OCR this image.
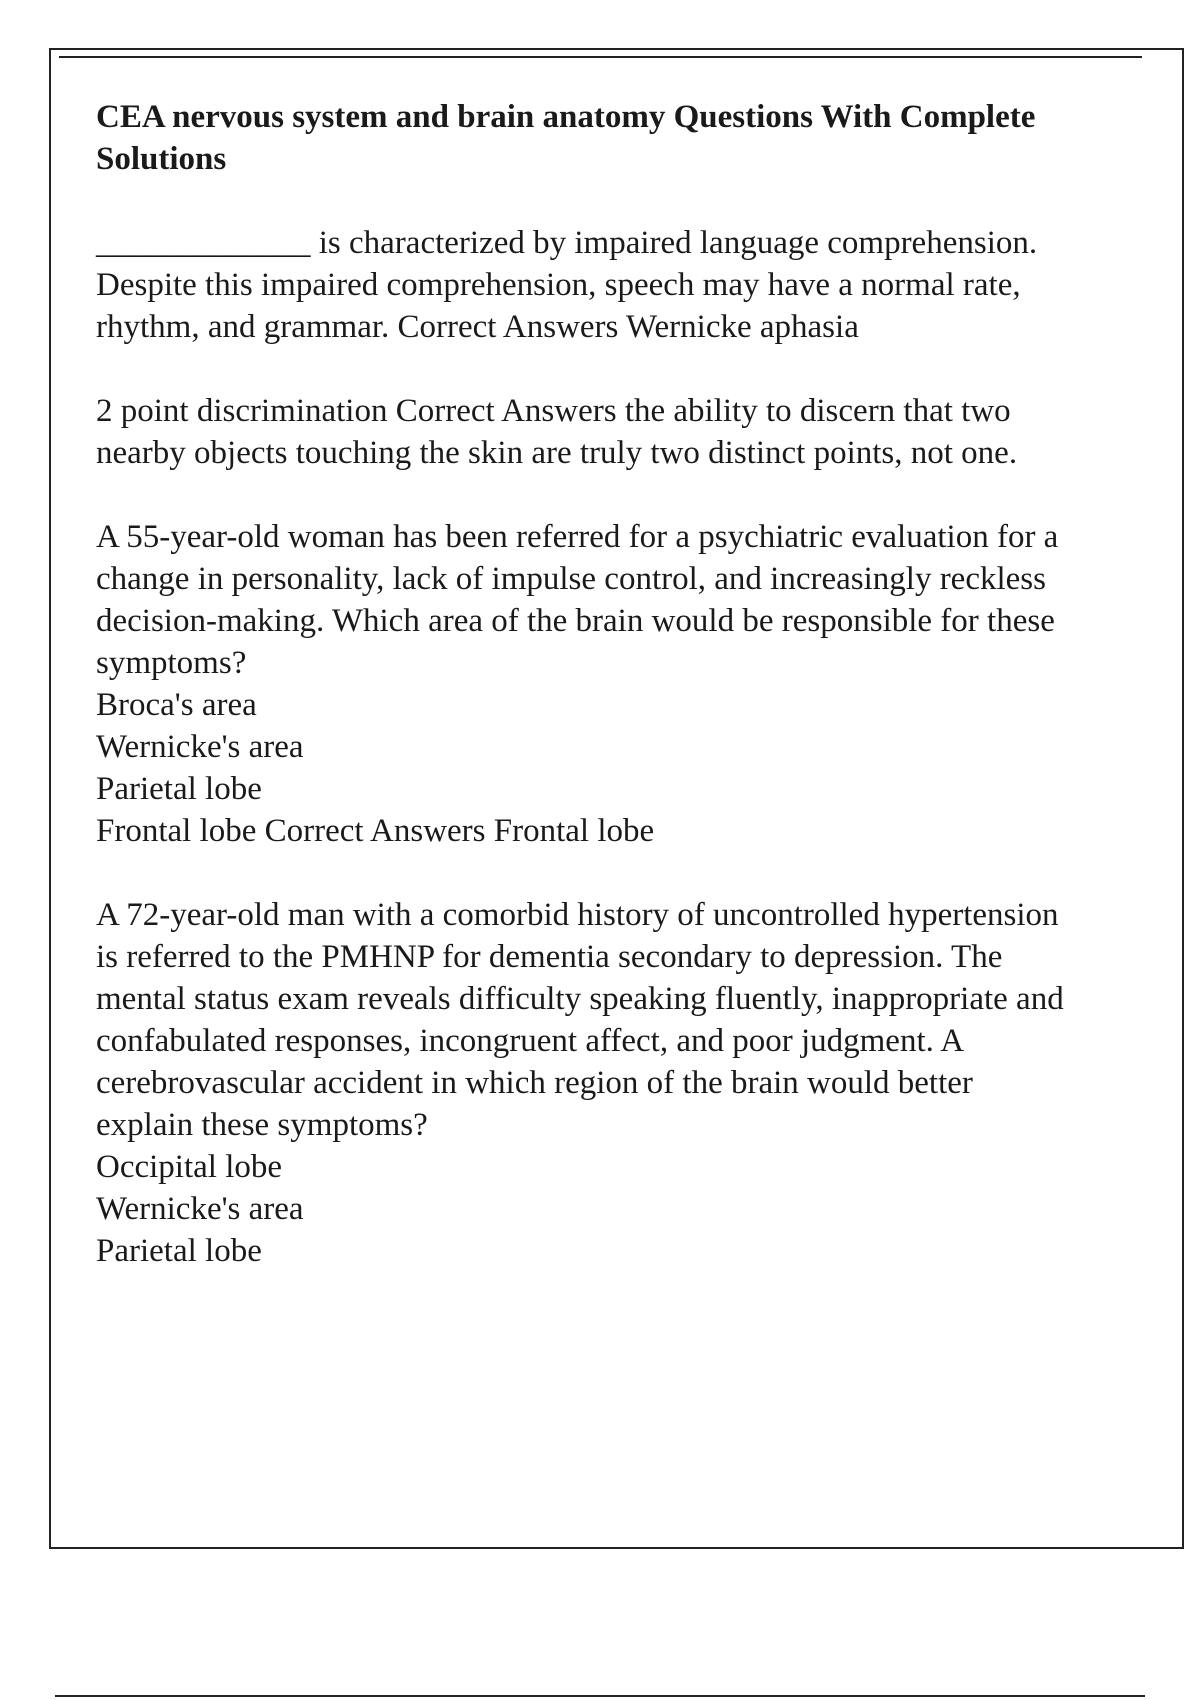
CEA nervous system and brain anatomy Questions With Complete Solutions

_____________ is characterized by impaired language comprehension. Despite this impaired comprehension, speech may have a normal rate, rhythm, and grammar. Correct Answers Wernicke aphasia

2 point discrimination Correct Answers the ability to discern that two nearby objects touching the skin are truly two distinct points, not one.

A 55-year-old woman has been referred for a psychiatric evaluation for a change in personality, lack of impulse control, and increasingly reckless decision-making. Which area of the brain would be responsible for these symptoms?

Broca's area
Wernicke's area
Parietal lobe
Frontal lobe Correct Answers Frontal lobe

A 72-year-old man with a comorbid history of uncontrolled hypertension is referred to the PMHNP for dementia secondary to depression. The mental status exam reveals difficulty speaking fluently, inappropriate and confabulated responses, incongruent affect, and poor judgment. A cerebrovascular accident in which region of the brain would better explain these symptoms?

Occipital lobe
Wernicke's area
Parietal lobe
